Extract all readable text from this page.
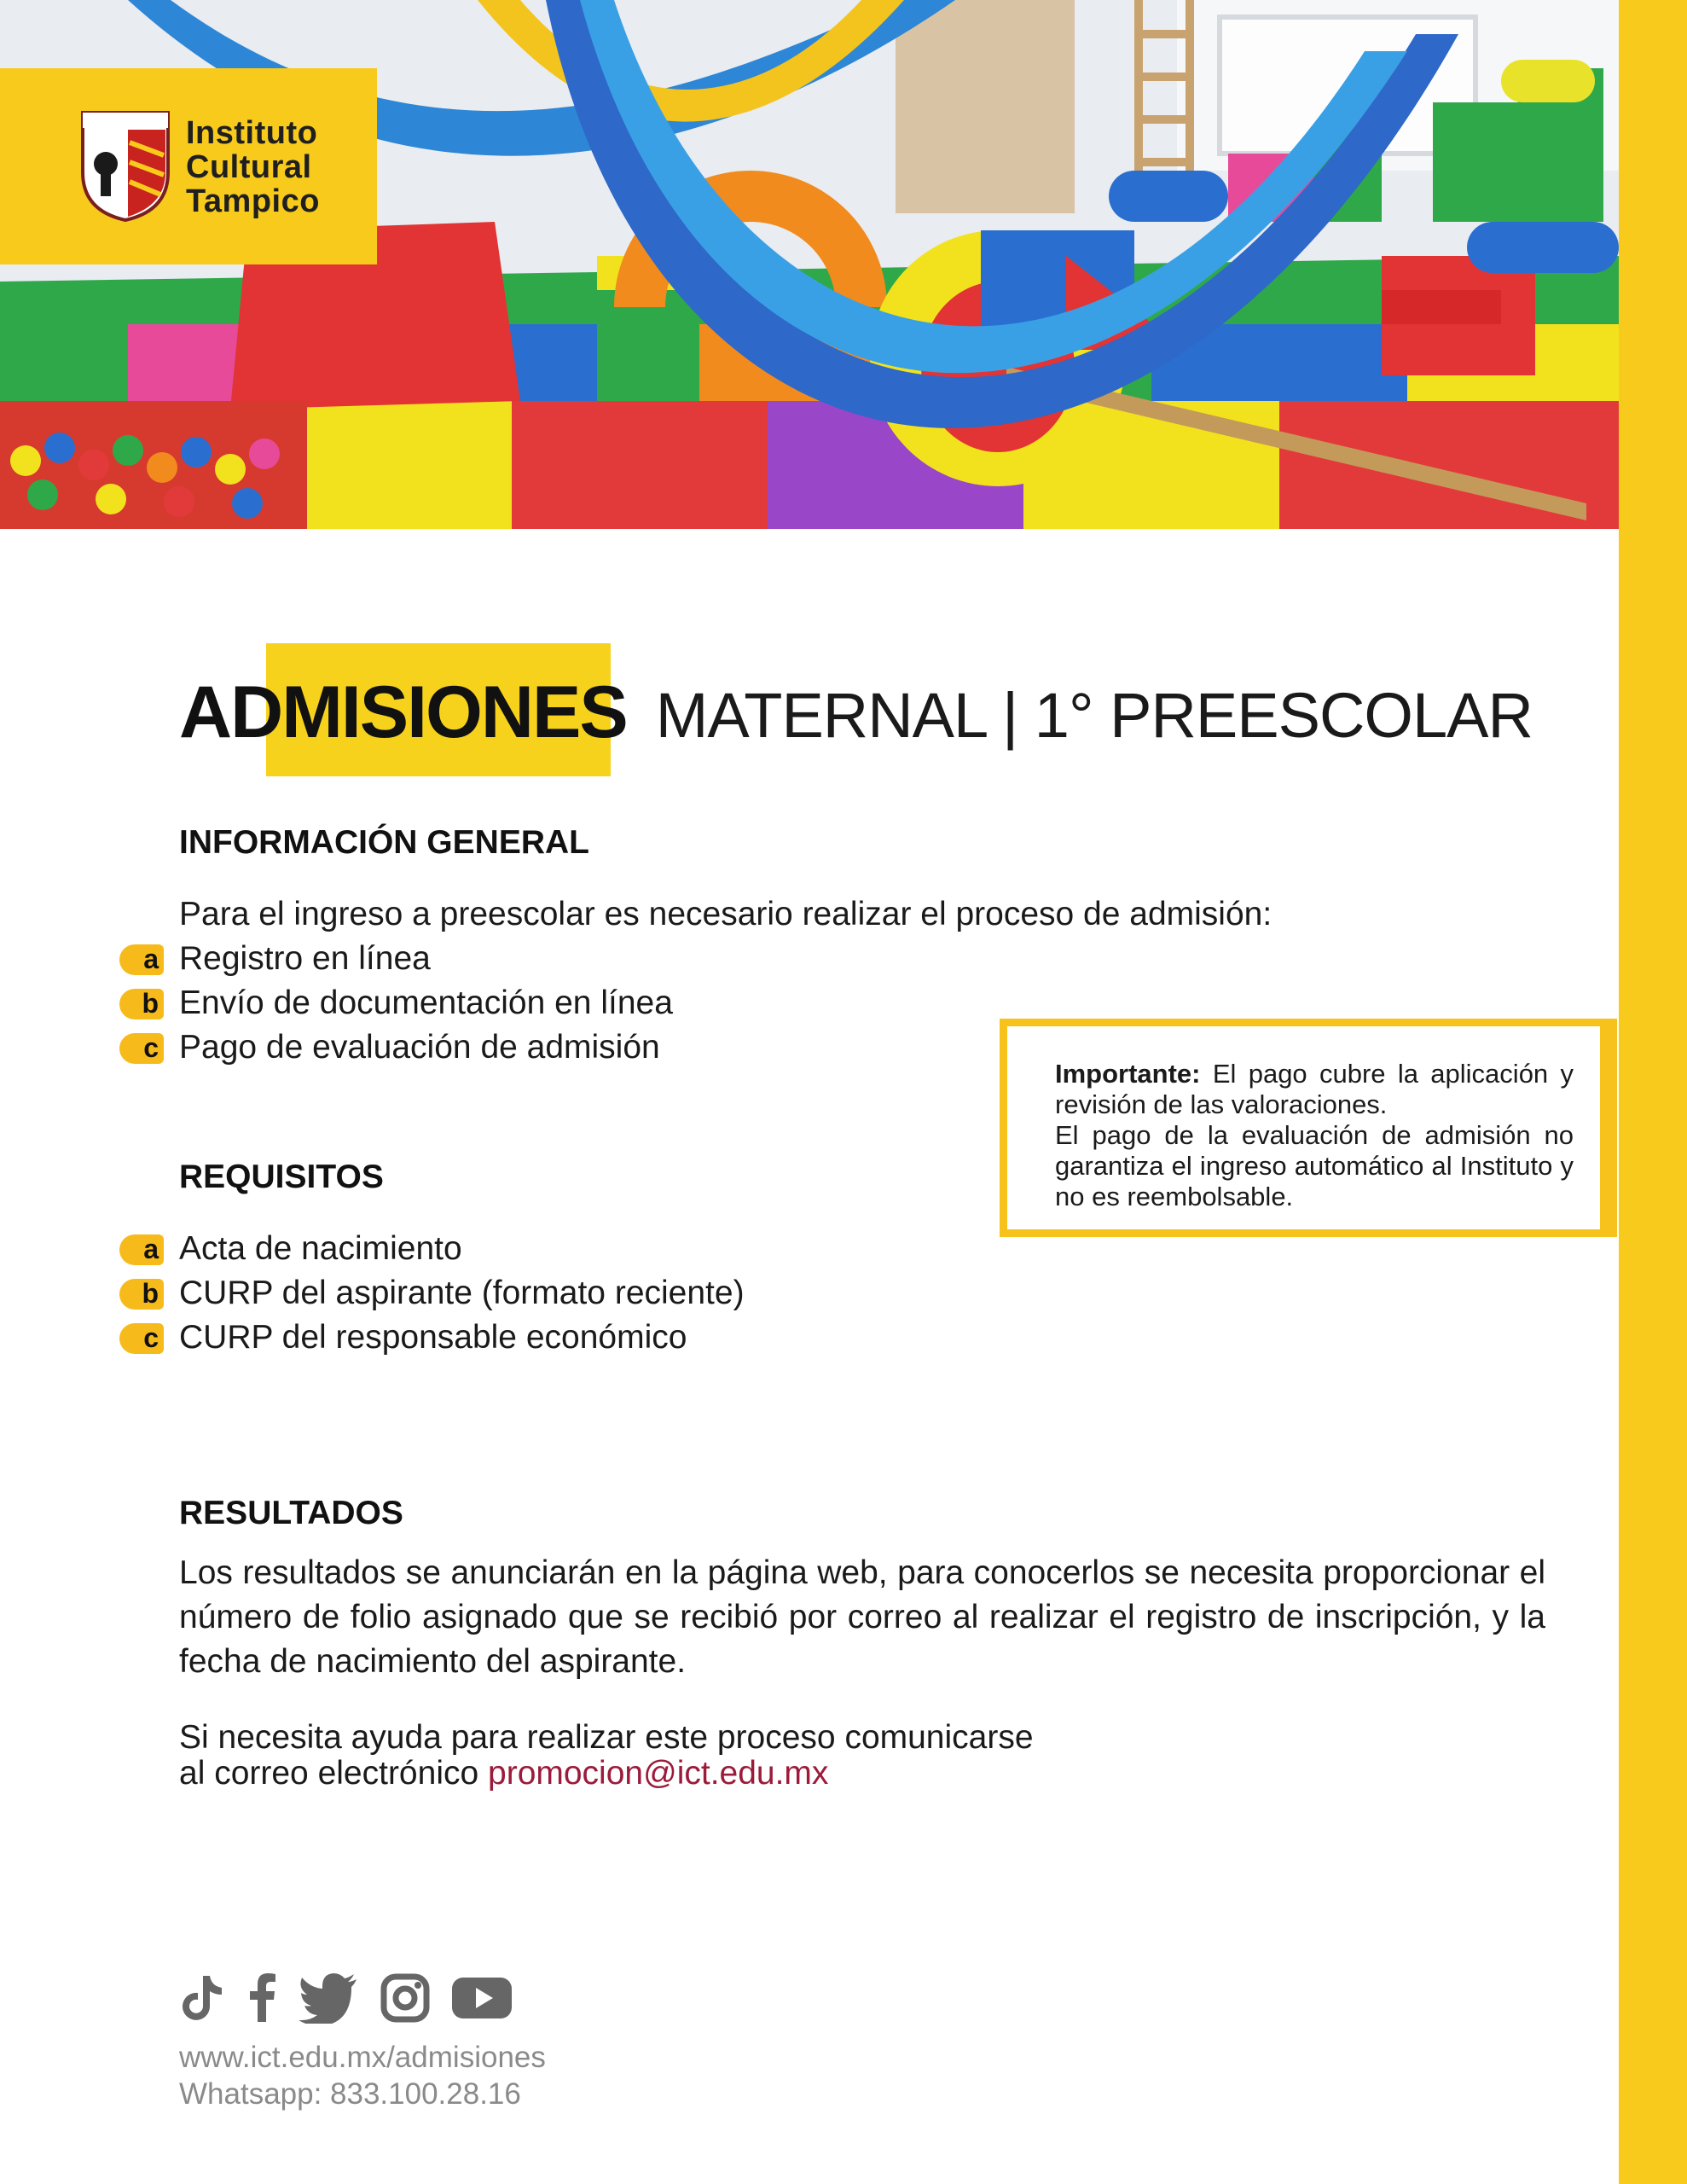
Instituto
Cultural
Tampico
ADMISIONES MATERNAL | 1° PREESCOLAR
INFORMACIÓN GENERAL
Para el ingreso a preescolar es necesario realizar el proceso de admisión:
a Registro en línea
b Envío de documentación en línea
c Pago de evaluación de admisión
Importante: El pago cubre la aplicación y revisión de las valoraciones.
El pago de la evaluación de admisión no garantiza el ingreso automático al Instituto y no es reembolsable.
REQUISITOS
a Acta de nacimiento
b CURP del aspirante (formato reciente)
c CURP del responsable económico
RESULTADOS
Los resultados se anunciarán en la página web, para conocerlos se necesita proporcionar el número de folio asignado que se recibió por correo al realizar el registro de inscripción, y la fecha de nacimiento del aspirante.
Si necesita ayuda para realizar este proceso comunicarse
al correo electrónico promocion@ict.edu.mx
www.ict.edu.mx/admisiones
Whatsapp: 833.100.28.16
